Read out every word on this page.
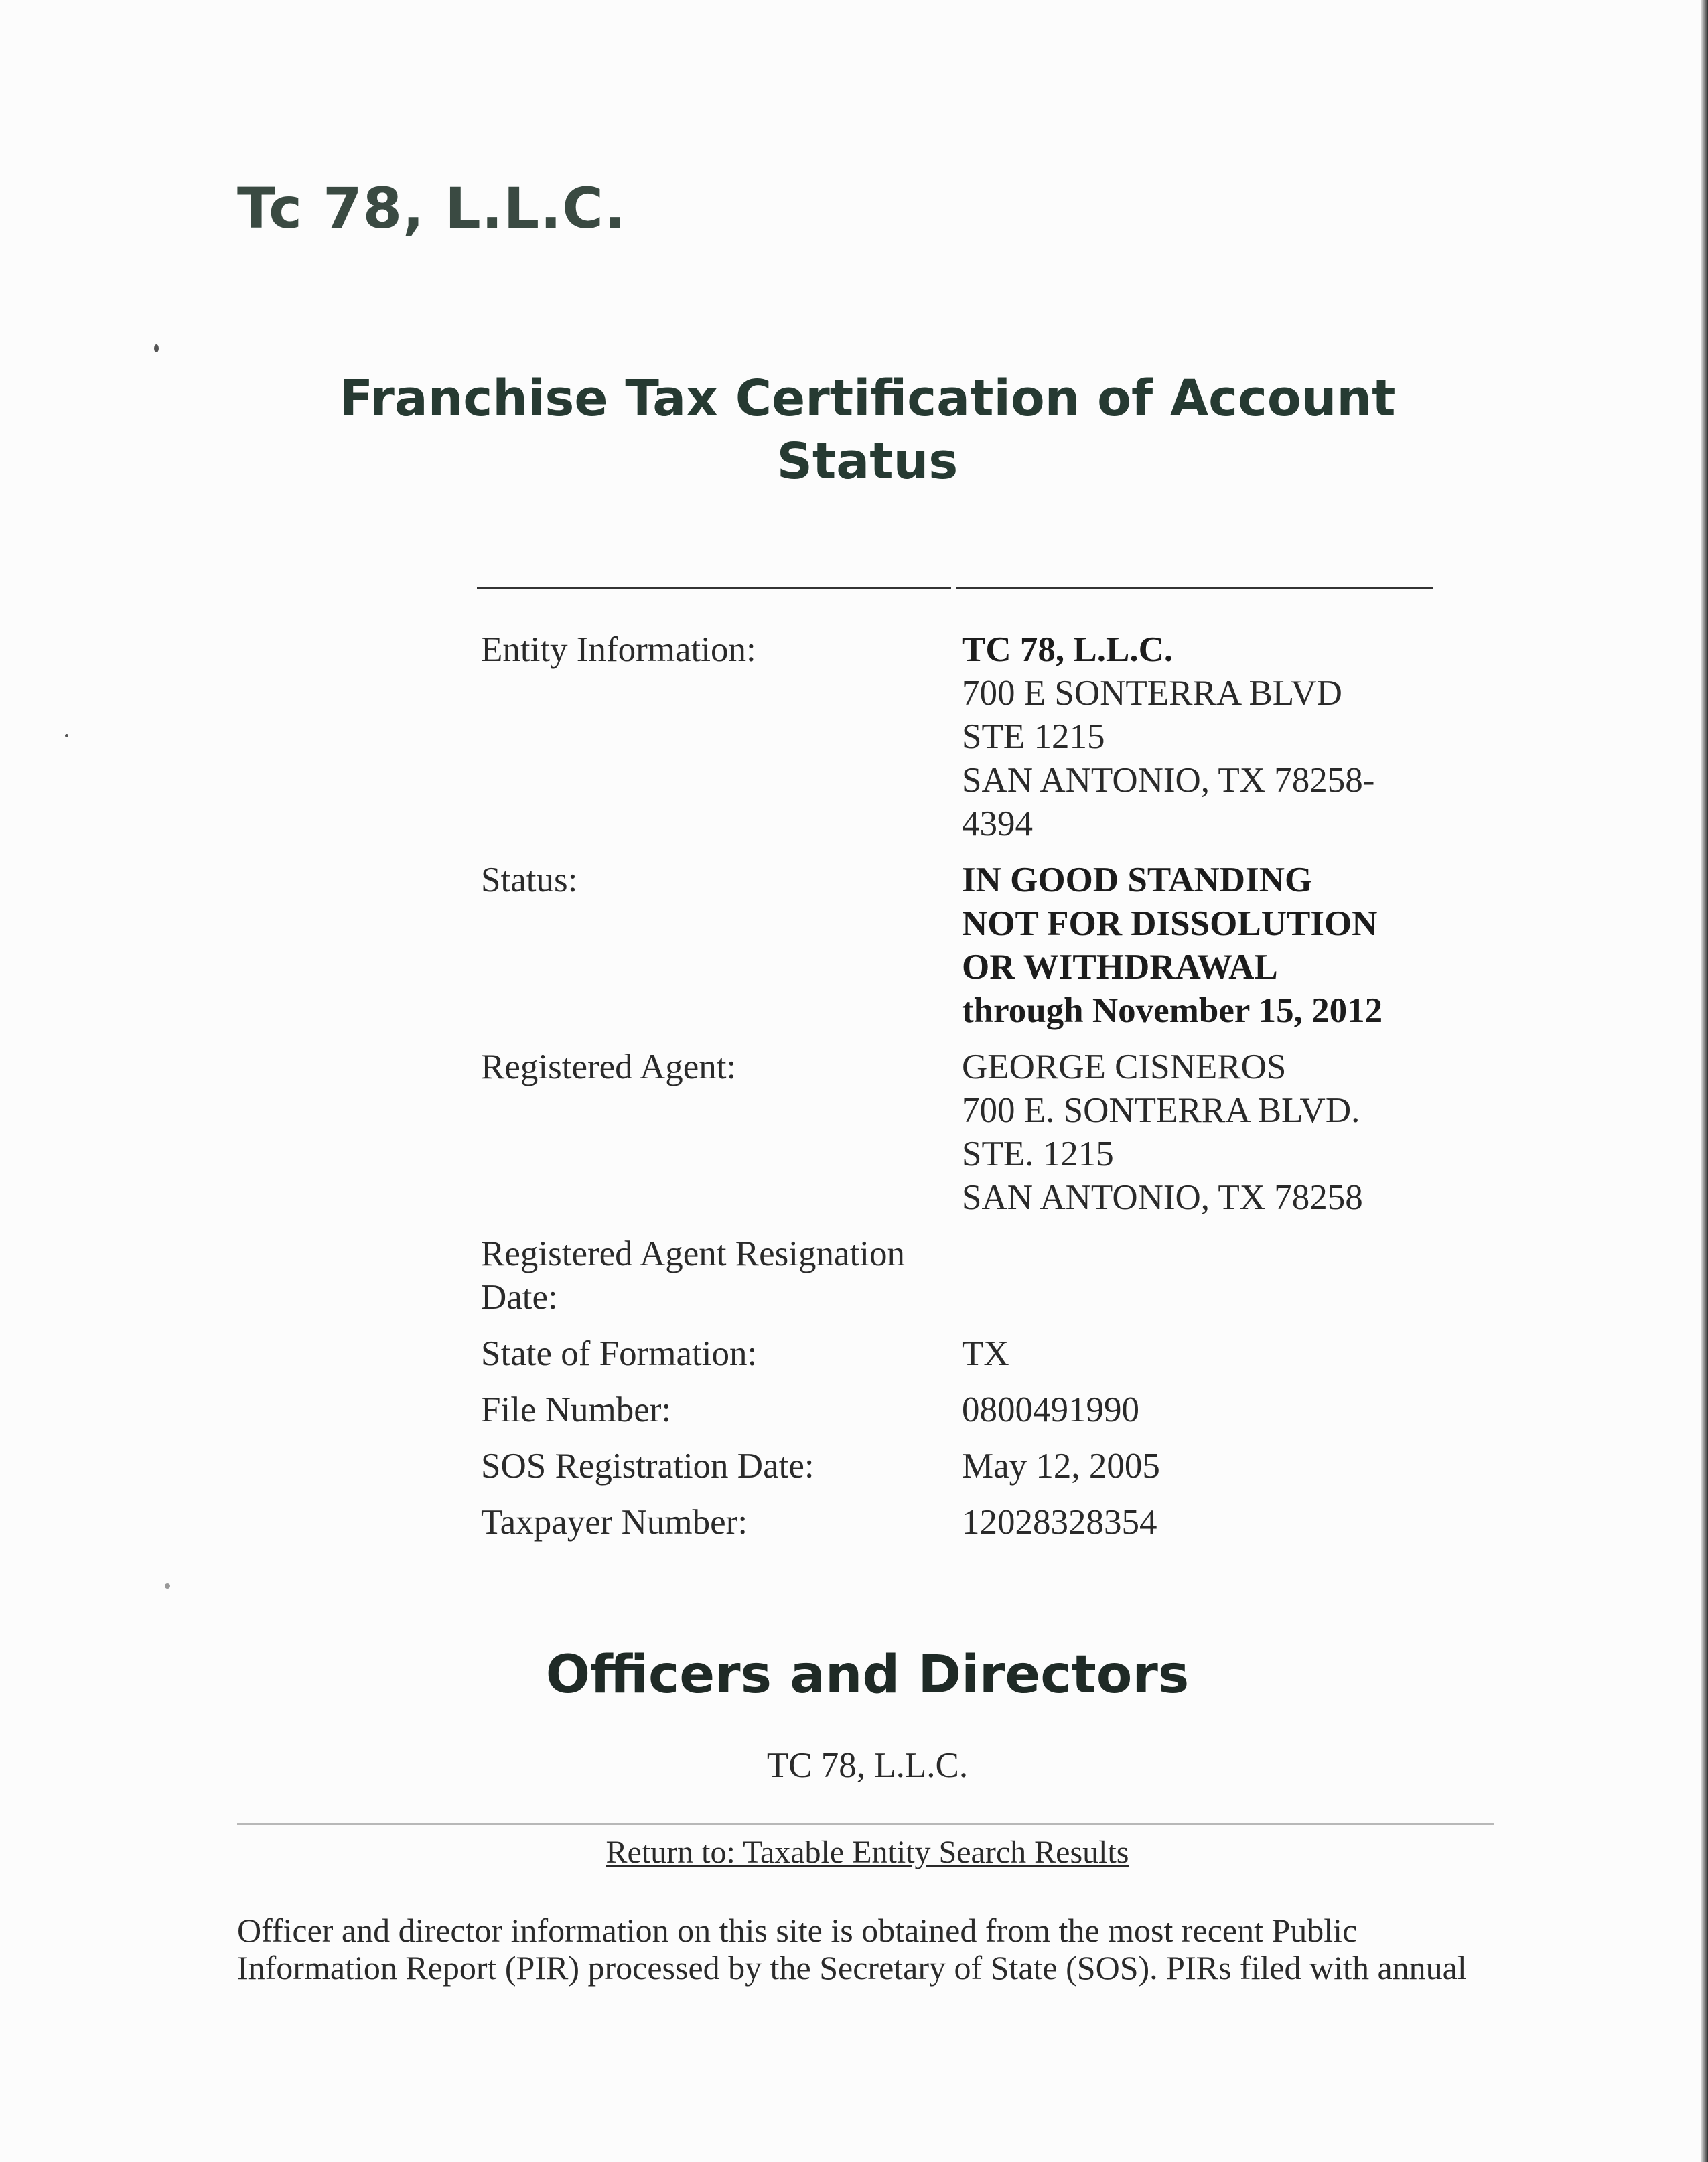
Tc 78, L.L.C.
Franchise Tax Certification of Account Status
Entity Information:	TC 78, L.L.C.
700 E SONTERRA BLVD
STE 1215
SAN ANTONIO, TX 78258-
4394

Status:	IN GOOD STANDING
NOT FOR DISSOLUTION
OR WITHDRAWAL
through November 15, 2012

Registered Agent:	GEORGE CISNEROS
700 E. SONTERRA BLVD.
STE. 1215
SAN ANTONIO, TX 78258

Registered Agent Resignation
Date:	

State of Formation:	TX
File Number:	0800491990
SOS Registration Date:	May 12, 2005
Taxpayer Number:	12028328354
Officers and Directors
TC 78, L.L.C.
Return to: Taxable Entity Search Results
Officer and director information on this site is obtained from the most recent Public
Information Report (PIR) processed by the Secretary of State (SOS). PIRs filed with annual
